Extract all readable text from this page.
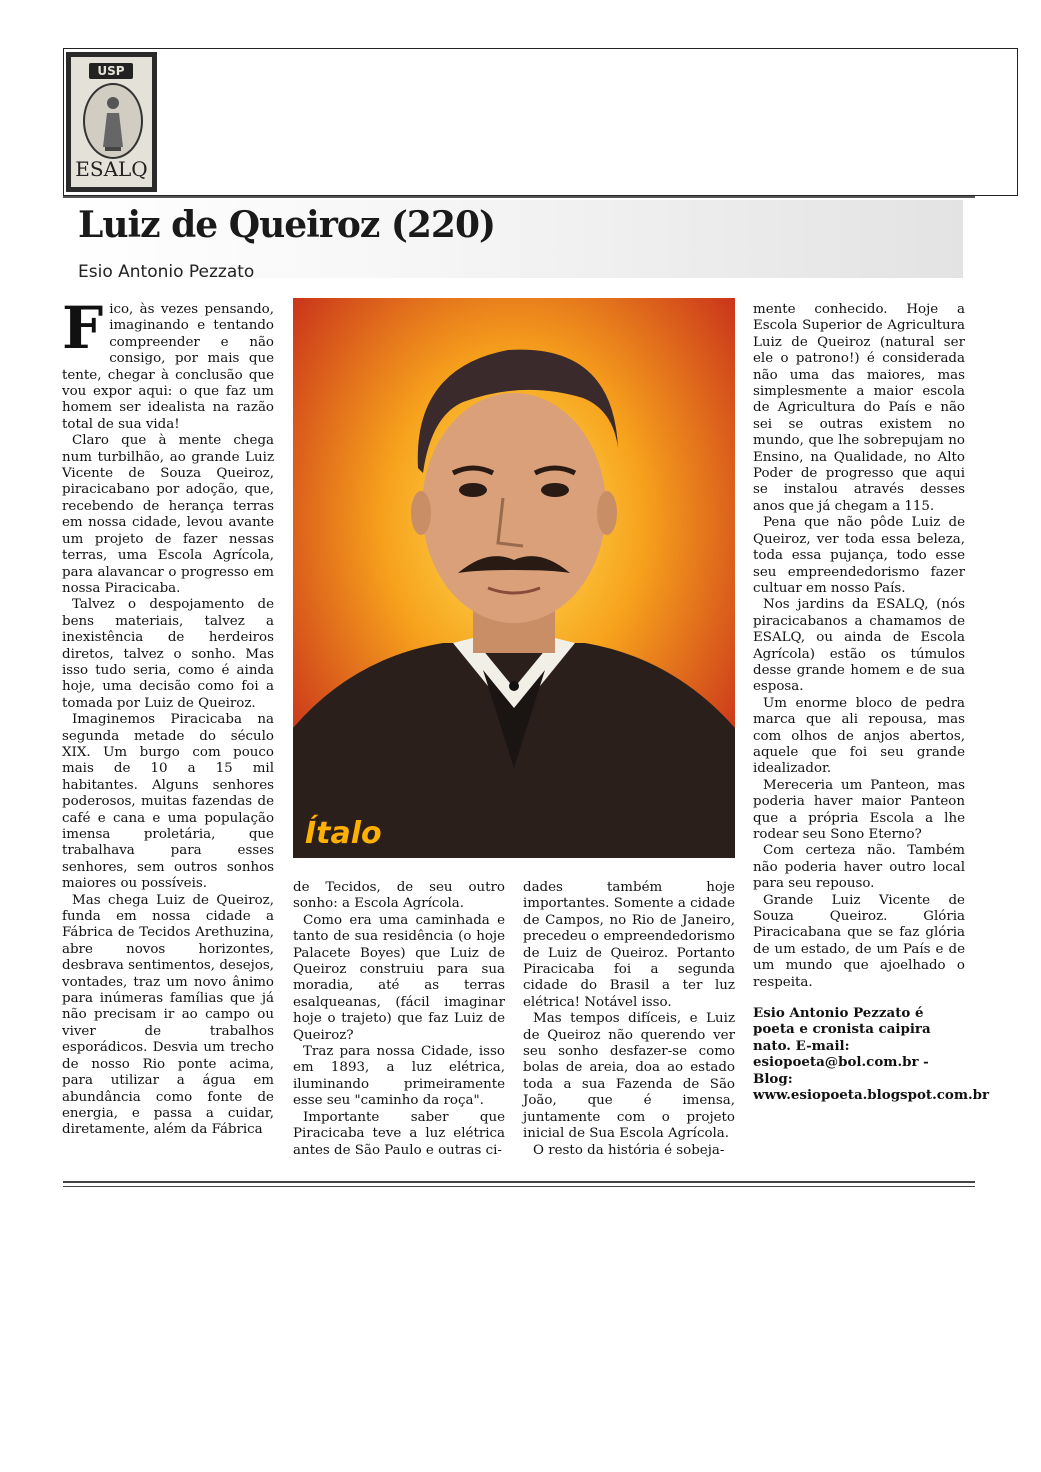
USP
ESALQ
Luiz de Queiroz (220)
Esio Antonio Pezzato

Fico, às vezes pensando, imaginando e tentando compreender e não consigo, por mais que tente, chegar à conclusão que vou expor aqui: o que faz um homem ser idealista na razão total de sua vida!

Claro que à mente chega num turbilhão, ao grande Luiz Vicente de Souza Queiroz, piracicabano por adoção, que, recebendo de herança terras em nossa cidade, levou avante um projeto de fazer nessas terras, uma Escola Agrícola, para alavancar o progresso em nossa Piracicaba.

Talvez o despojamento de bens materiais, talvez a inexistência de herdeiros diretos, talvez o sonho. Mas isso tudo seria, como é ainda hoje, uma decisão como foi a tomada por Luiz de Queiroz.

Imaginemos Piracicaba na segunda metade do século XIX. Um burgo com pouco mais de 10 a 15 mil habitantes. Alguns senhores poderosos, muitas fazendas de café e cana e uma população imensa proletária, que trabalhava para esses senhores, sem outros sonhos maiores ou possíveis.

Mas chega Luiz de Queiroz, funda em nossa cidade a Fábrica de Tecidos Arethuzina, abre novos horizontes, desbrava sentimentos, desejos, vontades, traz um novo ânimo para inúmeras famílias que já não precisam ir ao campo ou viver de trabalhos esporádicos. Desvia um trecho de nosso Rio ponte acima, para utilizar a água em abundância como fonte de energia, e passa a cuidar, diretamente, além da Fábrica

Ítalo

de Tecidos, de seu outro sonho: a Escola Agrícola.

Como era uma caminhada e tanto de sua residência (o hoje Palacete Boyes) que Luiz de Queiroz construiu para sua moradia, até as terras esalqueanas, (fácil imaginar hoje o trajeto) que faz Luiz de Queiroz?

Traz para nossa Cidade, isso em 1893, a luz elétrica, iluminando primeiramente esse seu "caminho da roça".

Importante saber que Piracicaba teve a luz elétrica antes de São Paulo e outras ci-

dades também hoje importantes. Somente a cidade de Campos, no Rio de Janeiro, precedeu o empreendedorismo de Luiz de Queiroz. Portanto Piracicaba foi a segunda cidade do Brasil a ter luz elétrica! Notável isso.

Mas tempos difíceis, e Luiz de Queiroz não querendo ver seu sonho desfazer-se como bolas de areia, doa ao estado toda a sua Fazenda de São João, que é imensa, juntamente com o projeto inicial de Sua Escola Agrícola.

O resto da história é sobeja-

mente conhecido. Hoje a Escola Superior de Agricultura Luiz de Queiroz (natural ser ele o patrono!) é considerada não uma das maiores, mas simplesmente a maior escola de Agricultura do País e não sei se outras existem no mundo, que lhe sobrepujam no Ensino, na Qualidade, no Alto Poder de progresso que aqui se instalou através desses anos que já chegam a 115.

Pena que não pôde Luiz de Queiroz, ver toda essa beleza, toda essa pujança, todo esse seu empreendedorismo fazer cultuar em nosso País.

Nos jardins da ESALQ, (nós piracicabanos a chamamos de ESALQ, ou ainda de Escola Agrícola) estão os túmulos desse grande homem e de sua esposa.

Um enorme bloco de pedra marca que ali repousa, mas com olhos de anjos abertos, aquele que foi seu grande idealizador.

Mereceria um Panteon, mas poderia haver maior Panteon que a própria Escola a lhe rodear seu Sono Eterno?

Com certeza não. Também não poderia haver outro local para seu repouso.

Grande Luiz Vicente de Souza Queiroz. Glória Piracicabana que se faz glória de um estado, de um País e de um mundo que ajoelhado o respeita.

Esio Antonio Pezzato é poeta e cronista caipira nato. E-mail: esiopoeta@bol.com.br - Blog: www.esiopoeta.blogspot.com.br
